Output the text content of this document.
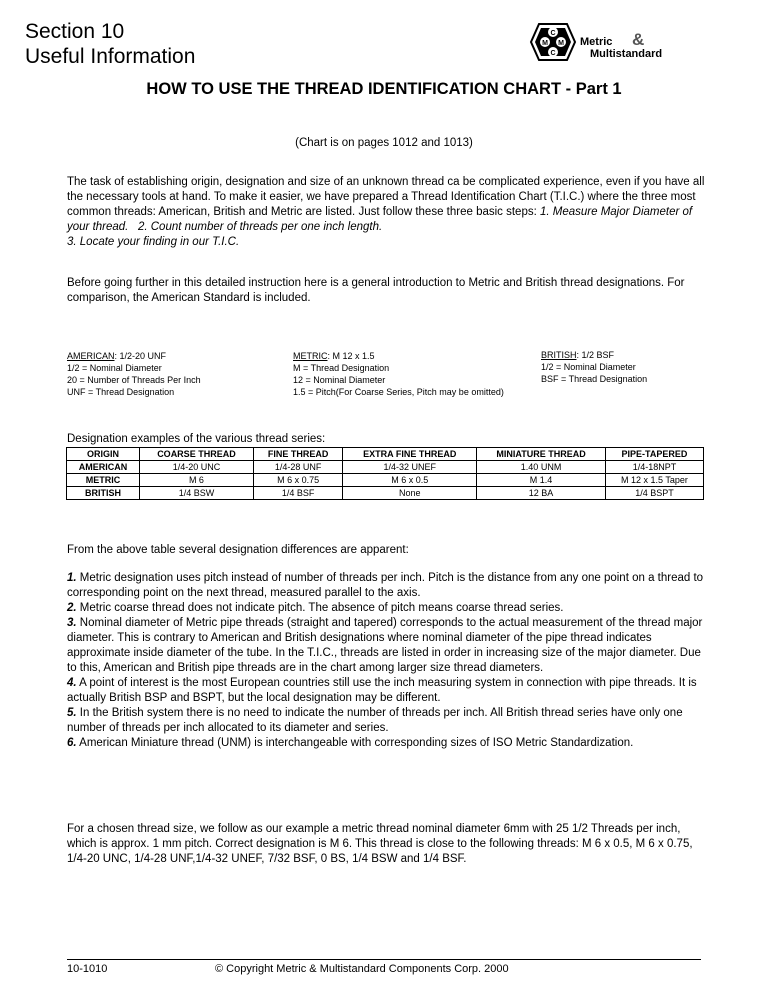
Section 10
Useful Information
M
C
M
C
Metric
Multistandard
&
HOW TO USE THE THREAD IDENTIFICATION CHART - Part 1
(Chart is on pages 1012 and 1013)
The task of establishing origin, designation and size of an unknown thread ca be complicated experience, even if you have all the necessary tools at hand. To make it easier, we have prepared a Thread Identification Chart (T.I.C.) where the three most common threads: American, British and Metric are listed. Just follow these three basic steps: 1. Measure Major Diameter of your thread. 2. Count number of threads per one inch length.
3. Locate your finding in our T.I.C.
Before going further in this detailed instruction here is a general introduction to Metric and British thread designations. For comparison, the American Standard is included.
AMERICAN: 1/2-20 UNF
1/2 = Nominal Diameter
20 = Number of Threads Per Inch
UNF = Thread Designation
METRIC: M 12 x 1.5
M = Thread Designation
12 = Nominal Diameter
1.5 = Pitch(For Coarse Series, Pitch may be omitted)
BRITISH: 1/2 BSF
1/2 = Nominal Diameter
BSF = Thread Designation
Designation examples of the various thread series:
ORIGIN	COARSE THREAD	FINE THREAD	EXTRA FINE THREAD	MINIATURE THREAD	PIPE-TAPERED
AMERICAN	1/4-20 UNC	1/4-28 UNF	1/4-32 UNEF	1.40 UNM	1/4-18NPT
METRIC	M 6	M 6 x 0.75	M 6 x 0.5	M 1.4	M 12 x 1.5 Taper
BRITISH	1/4 BSW	1/4 BSF	None	12 BA	1/4 BSPT
From the above table several designation differences are apparent:

1. Metric designation uses pitch instead of number of threads per inch. Pitch is the distance from any one point on a thread to corresponding point on the next thread, measured parallel to the axis.

2. Metric coarse thread does not indicate pitch. The absence of pitch means coarse thread series.

3. Nominal diameter of Metric pipe threads (straight and tapered) corresponds to the actual measurement of the thread major diameter. This is contrary to American and British designations where nominal diameter of the pipe thread indicates approximate inside diameter of the tube. In the T.I.C., threads are listed in order in increasing size of the major diameter. Due to this, American and British pipe threads are in the chart among larger size thread diameters.

4. A point of interest is the most European countries still use the inch measuring system in connection with pipe threads. It is actually British BSP and BSPT, but the local designation may be different.

5. In the British system there is no need to indicate the number of threads per inch. All British thread series have only one number of threads per inch allocated to its diameter and series.

6. American Miniature thread (UNM) is interchangeable with corresponding sizes of ISO Metric Standardization.

For a chosen thread size, we follow as our example a metric thread nominal diameter 6mm with 25 1/2 Threads per inch, which is approx. 1 mm pitch. Correct designation is M 6. This thread is close to the following threads: M 6 x 0.5, M 6 x 0.75, 1/4-20 UNC, 1/4-28 UNF,1/4-32 UNEF, 7/32 BSF, 0 BS, 1/4 BSW and 1/4 BSF.
10-1010	© Copyright Metric & Multistandard Components Corp. 2000
